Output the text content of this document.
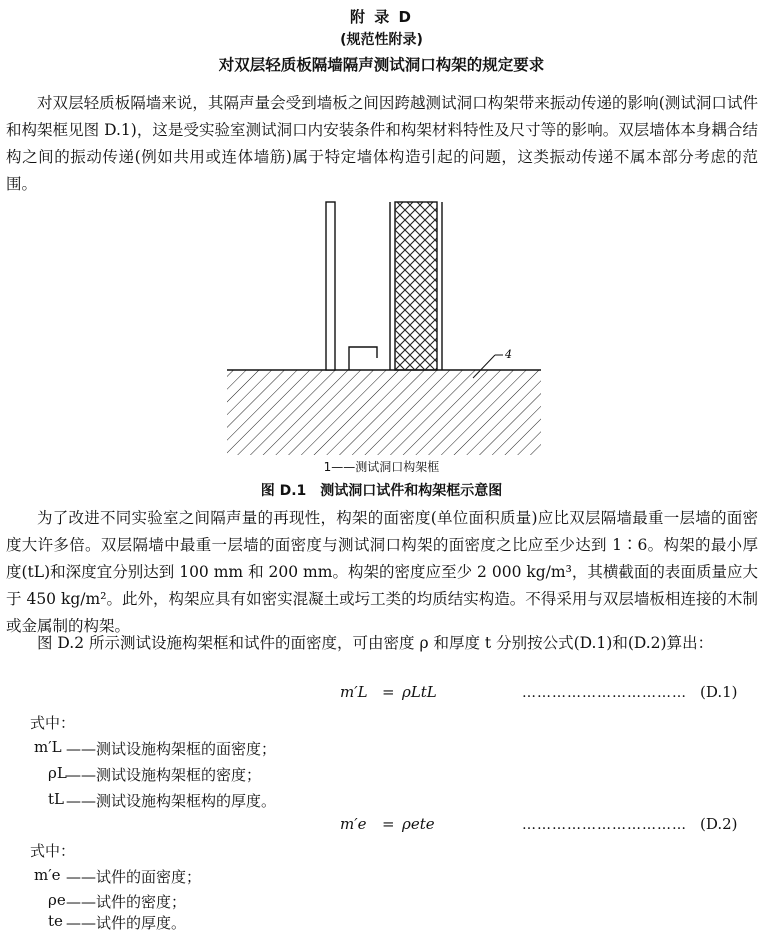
附 录 D
(规范性附录)
对双层轻质板隔墙隔声测试洞口构架的规定要求
对双层轻质板隔墙来说，其隔声量会受到墙板之间因跨越测试洞口构架带来振动传递的影响(测试洞口试件和构架框见图 D.1)，这是受实验室测试洞口内安装条件和构架材料特性及尺寸等的影响。双层墙体本身耦合结构之间的振动传递(例如共用或连体墙筋)属于特定墙体构造引起的问题，这类振动传递不属本部分考虑的范围。
4
1——测试洞口构架框
图 D.1　测试洞口试件和构架框示意图
为了改进不同实验室之间隔声量的再现性，构架的面密度(单位面积质量)应比双层隔墙最重一层墙的面密度大许多倍。双层隔墙中最重一层墙的面密度与测试洞口构架的面密度之比应至少达到 1∶6。构架的最小厚度(tL)和深度宜分别达到 100 mm 和 200 mm。构架的密度应至少 2 000 kg/m³，其横截面的表面质量应大于 450 kg/m²。此外，构架应具有如密实混凝土或圬工类的均质结实构造。不得采用与双层墙板相连接的木制或金属制的构架。
图 D.2 所示测试设施构架框和试件的面密度，可由密度 ρ 和厚度 t 分别按公式(D.1)和(D.2)算出：
m′L = ρLtL	…………………………… (D.1)
式中：
m′L ——测试设施构架框的面密度；
ρL ——测试设施构架框的密度；
tL ——测试设施构架框构的厚度。
m′e = ρete	…………………………… (D.2)
式中：
m′e ——试件的面密度；
ρe ——试件的密度；
te ——试件的厚度。
